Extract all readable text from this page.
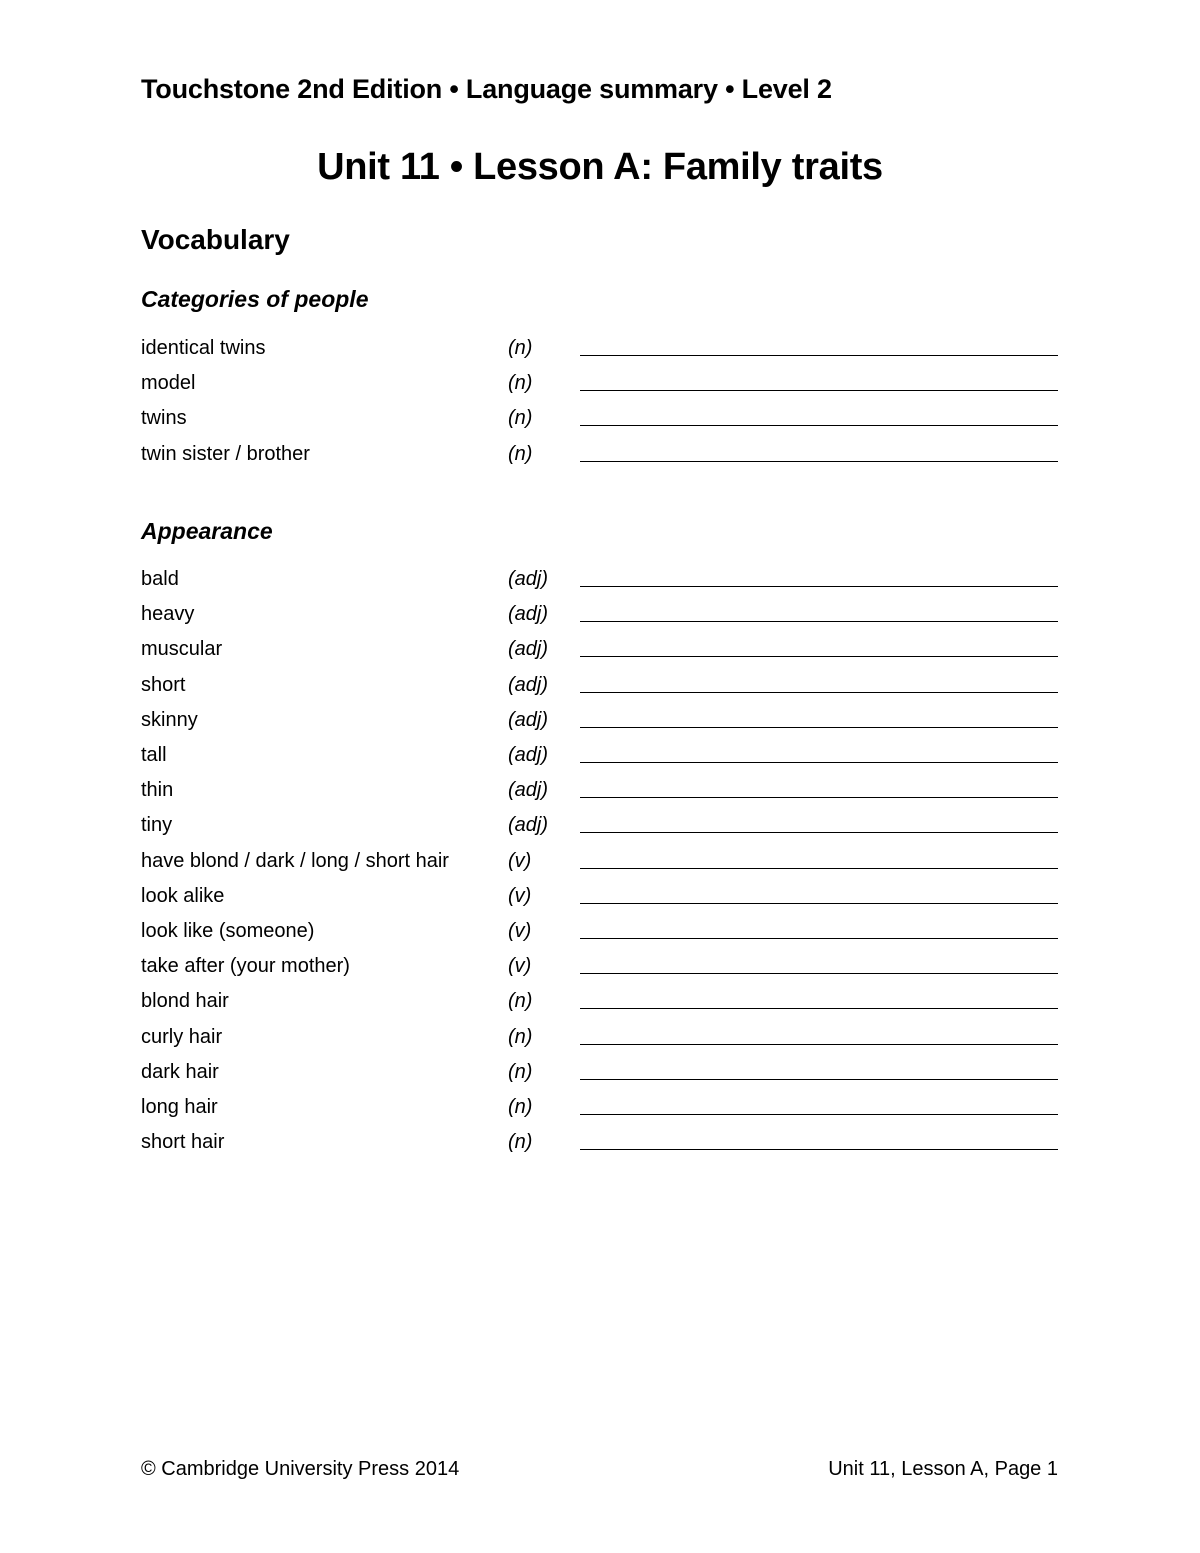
Touchstone 2nd Edition • Language summary • Level 2
Unit 11 • Lesson A: Family traits
Vocabulary
Categories of people
identical twins	(n)
model	(n)
twins	(n)
twin sister / brother	(n)
Appearance
bald	(adj)
heavy	(adj)
muscular	(adj)
short	(adj)
skinny	(adj)
tall	(adj)
thin	(adj)
tiny	(adj)
have blond / dark / long / short hair	(v)
look alike	(v)
look like (someone)	(v)
take after (your mother)	(v)
blond hair	(n)
curly hair	(n)
dark hair	(n)
long hair	(n)
short hair	(n)
© Cambridge University Press 2014	Unit 11, Lesson A, Page 1
